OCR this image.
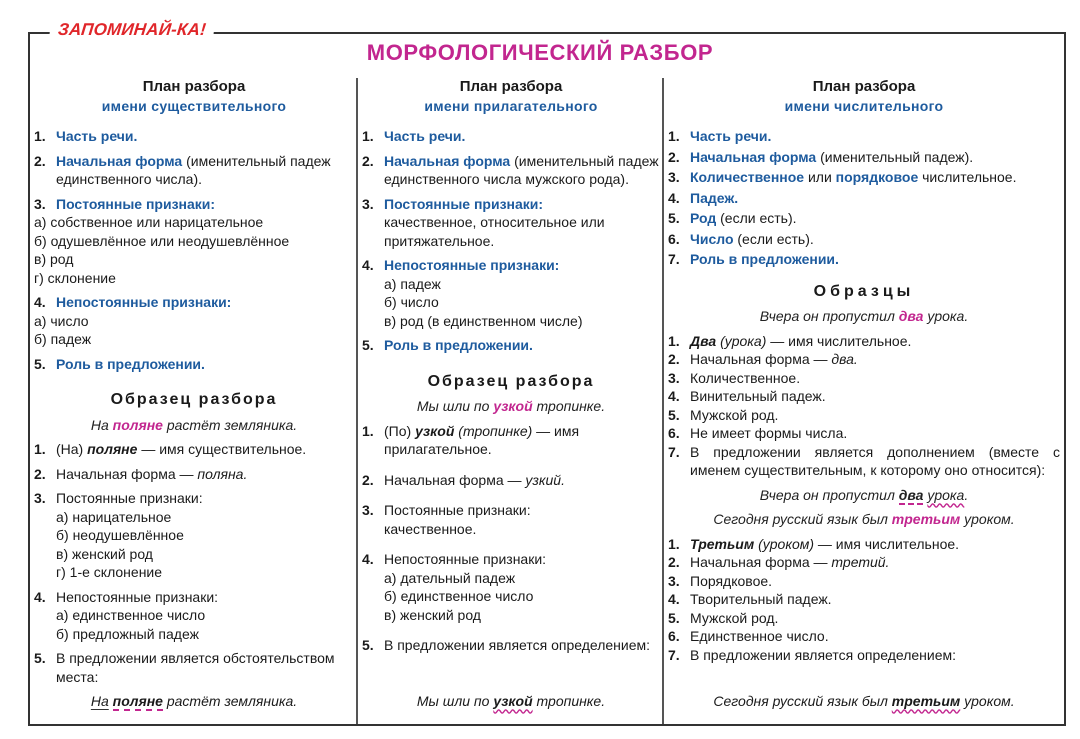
ЗАПОМИНАЙ-КА!
МОРФОЛОГИЧЕСКИЙ РАЗБОР
План разбора
имени существительного
1. Часть речи.
2. Начальная форма (именительный падеж единственного числа).
3. Постоянные признаки:
а) собственное или нарицательное
б) одушевлённое или неодушевлённое
в) род
г) склонение
4. Непостоянные признаки:
а) число
б) падеж
5. Роль в предложении.
Образец разбора
На поляне растёт земляника.
1. (На) поляне — имя существительное.
2. Начальная форма — поляна.
3. Постоянные признаки:
а) нарицательное
б) неодушевлённое
в) женский род
г) 1-е склонение
4. Непостоянные признаки:
а) единственное число
б) предложный падеж
5. В предложении является обстоятельством места:
На поляне растёт земляника.
План разбора
имени прилагательного
1. Часть речи.
2. Начальная форма (именительный падеж единственного числа мужского рода).
3. Постоянные признаки:
качественное, относительное или притяжательное.
4. Непостоянные признаки:
а) падеж
б) число
в) род (в единственном числе)
5. Роль в предложении.
Образец разбора
Мы шли по узкой тропинке.
1. (По) узкой (тропинке) — имя прилагательное.
2. Начальная форма — узкий.
3. Постоянные признаки:
качественное.
4. Непостоянные признаки:
а) дательный падеж
б) единственное число
в) женский род
5. В предложении является определением:
Мы шли по узкой тропинке.
План разбора
имени числительного
1. Часть речи.
2. Начальная форма (именительный падеж).
3. Количественное или порядковое числительное.
4. Падеж.
5. Род (если есть).
6. Число (если есть).
7. Роль в предложении.
Образцы
Вчера он пропустил два урока.
1. Два (урока) — имя числительное.
2. Начальная форма — два.
3. Количественное.
4. Винительный падеж.
5. Мужской род.
6. Не имеет формы числа.
7. В предложении является дополнением (вместе с именем существительным, к которому оно относится):
Вчера он пропустил два урока.
Сегодня русский язык был третьим уроком.
1. Третьим (уроком) — имя числительное.
2. Начальная форма — третий.
3. Порядковое.
4. Творительный падеж.
5. Мужской род.
6. Единственное число.
7. В предложении является определением:
Сегодня русский язык был третьим уроком.
